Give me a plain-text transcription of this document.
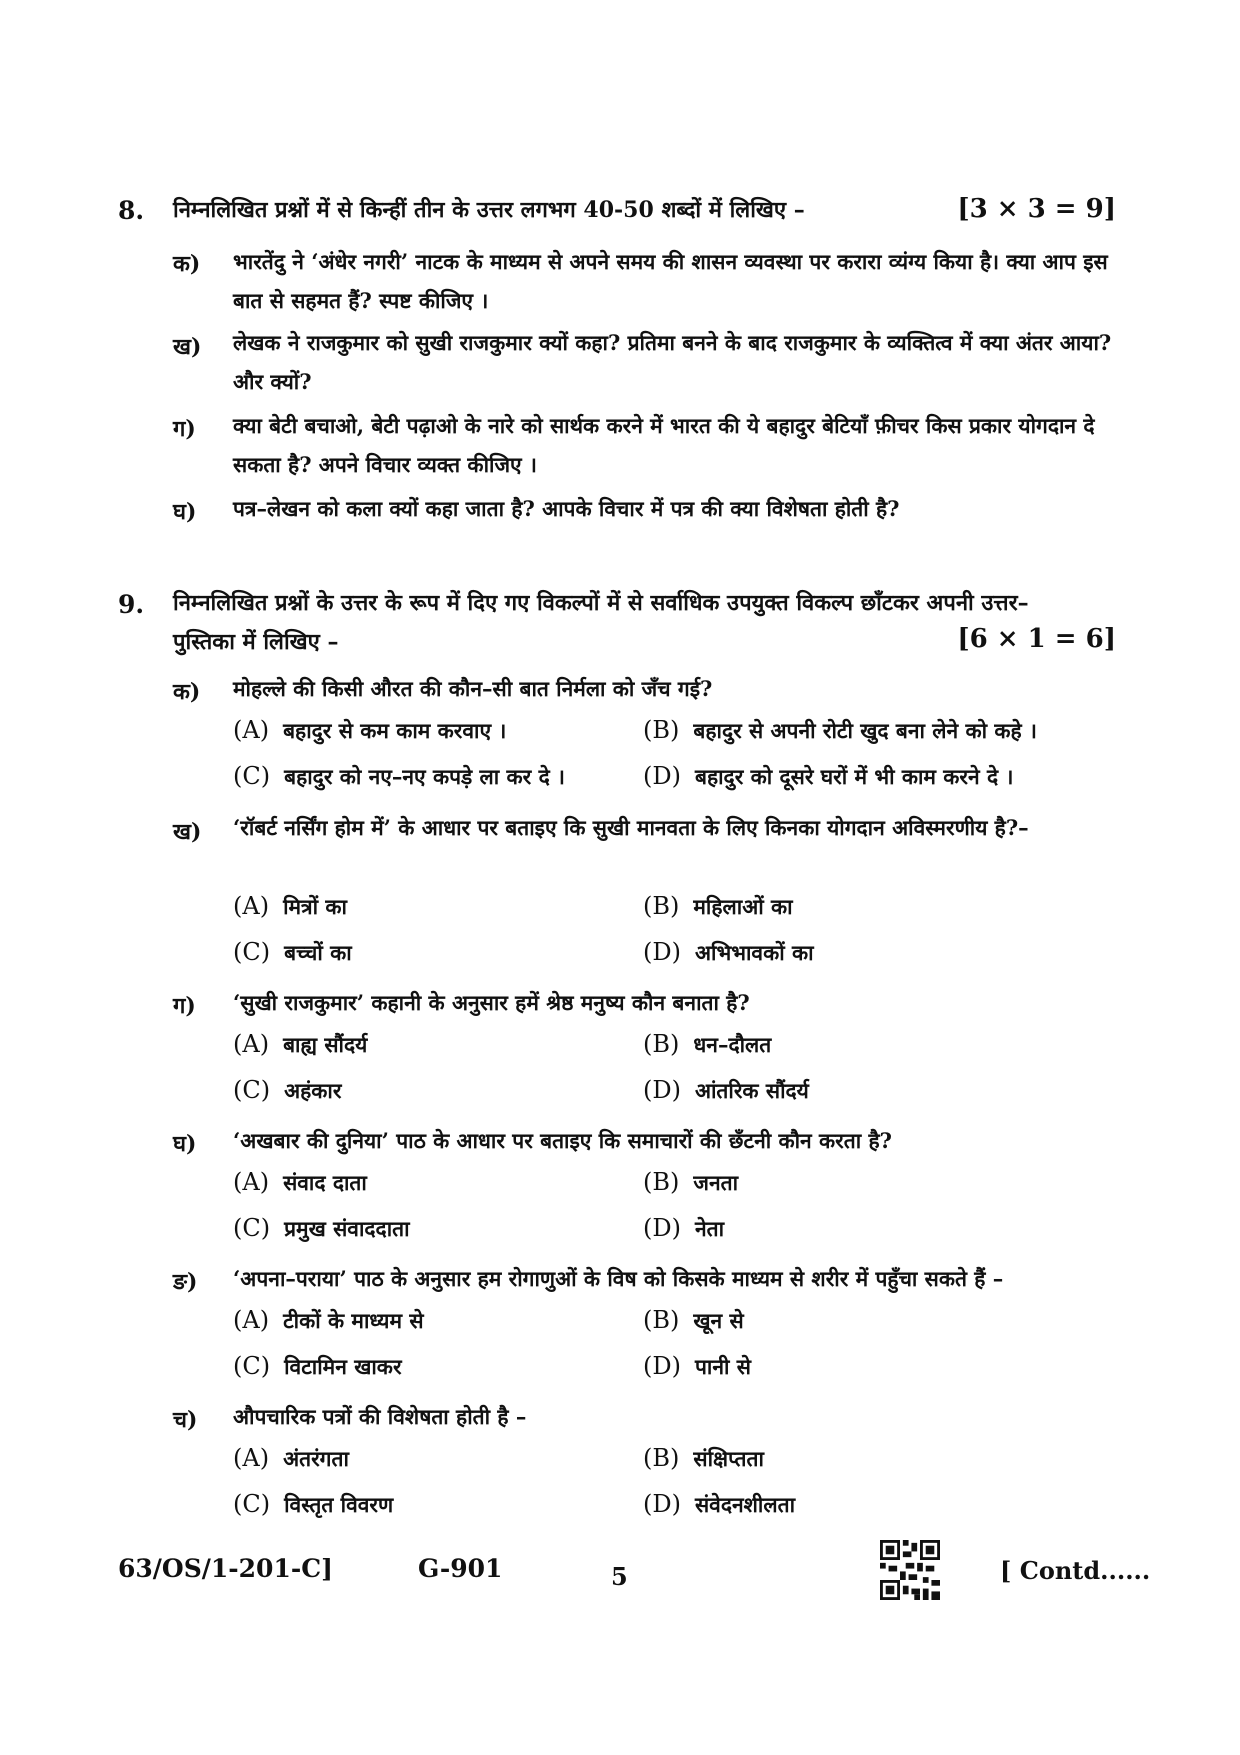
8. निम्नलिखित प्रश्नों में से किन्हीं तीन के उत्तर लगभग 40-50 शब्दों में लिखिए –	[3 × 3 = 9]
क) भारतेंदु ने ‘अंधेर नगरी’ नाटक के माध्यम से अपने समय की शासन व्यवस्था पर करारा व्यंग्य किया है। क्या आप इस बात से सहमत हैं? स्पष्ट कीजिए ।
ख) लेखक ने राजकुमार को सुखी राजकुमार क्यों कहा? प्रतिमा बनने के बाद राजकुमार के व्यक्तित्व में क्या अंतर आया? और क्यों?
ग) क्या बेटी बचाओ, बेटी पढ़ाओ के नारे को सार्थक करने में भारत की ये बहादुर बेटियाँ फ़ीचर किस प्रकार योगदान दे सकता है? अपने विचार व्यक्त कीजिए ।
घ) पत्र–लेखन को कला क्यों कहा जाता है? आपके विचार में पत्र की क्या विशेषता होती है?
9. निम्नलिखित प्रश्नों के उत्तर के रूप में दिए गए विकल्पों में से सर्वाधिक उपयुक्त विकल्प छाँटकर अपनी उत्तर–
पुस्तिका में लिखिए –	[6 × 1 = 6]
क) मोहल्ले की किसी औरत की कौन–सी बात निर्मला को जँच गई?
(A) बहादुर से कम काम करवाए ।	(B) बहादुर से अपनी रोटी खुद बना लेने को कहे ।
(C) बहादुर को नए–नए कपड़े ला कर दे ।	(D) बहादुर को दूसरे घरों में भी काम करने दे ।
ख) ‘रॉबर्ट नर्सिंग होम में’ के आधार पर बताइए कि सुखी मानवता के लिए किनका योगदान अविस्मरणीय है?–
(A) मित्रों का	(B) महिलाओं का
(C) बच्चों का	(D) अभिभावकों का
ग) ‘सुखी राजकुमार’ कहानी के अनुसार हमें श्रेष्ठ मनुष्य कौन बनाता है?
(A) बाह्य सौंदर्य	(B) धन–दौलत
(C) अहंकार	(D) आंतरिक सौंदर्य
घ) ‘अखबार की दुनिया’ पाठ के आधार पर बताइए कि समाचारों की छँटनी कौन करता है?
(A) संवाद दाता	(B) जनता
(C) प्रमुख संवाददाता	(D) नेता
ङ) ‘अपना–पराया’ पाठ के अनुसार हम रोगाणुओं के विष को किसके माध्यम से शरीर में पहुँचा सकते हैं –
(A) टीकों के माध्यम से	(B) खून से
(C) विटामिन खाकर	(D) पानी से
च) औपचारिक पत्रों की विशेषता होती है –
(A) अंतरंगता	(B) संक्षिप्तता
(C) विस्तृत विवरण	(D) संवेदनशीलता
63/OS/1-201-C]	G-901	5	[ Contd......
